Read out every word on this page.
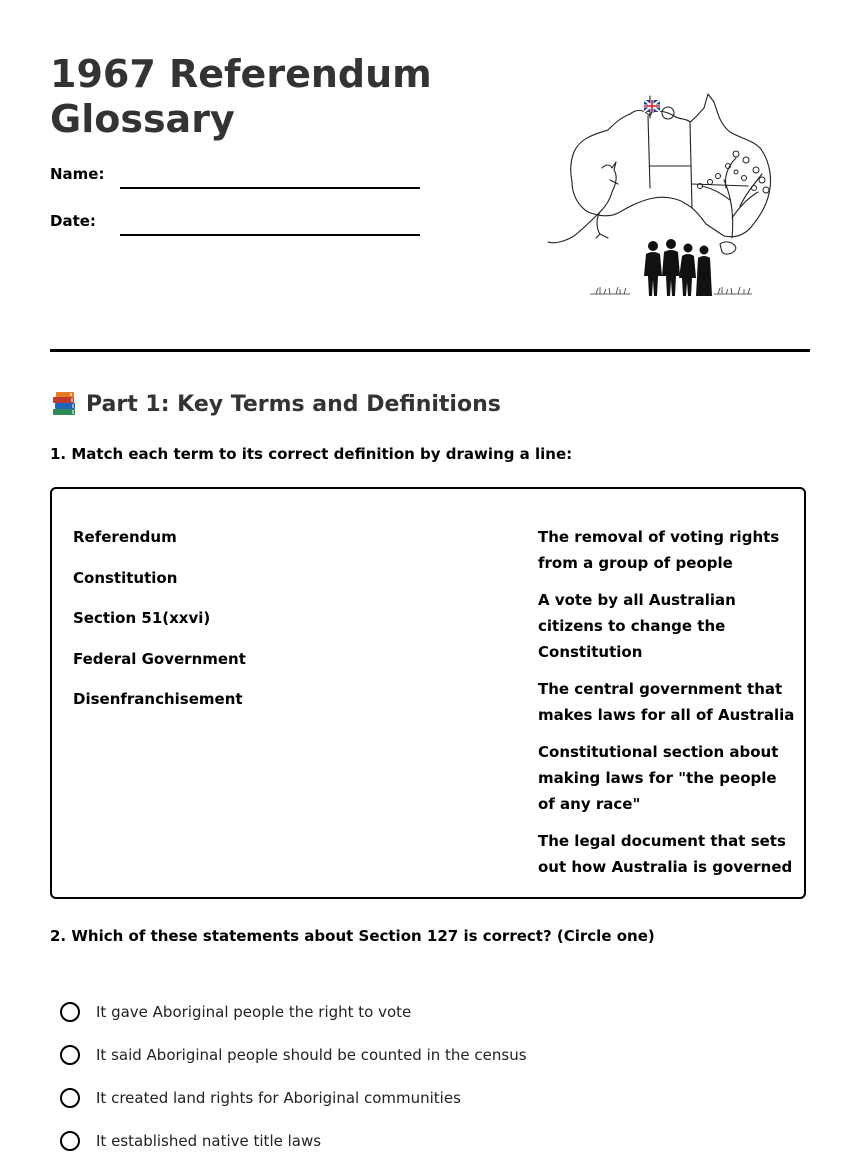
1967 Referendum
Glossary
Name:
Date:
Part 1: Key Terms and Definitions
1. Match each term to its correct definition by drawing a line:
Referendum
Constitution
Section 51(xxvi)
Federal Government
Disenfranchisement
The removal of voting rights from a group of people
A vote by all Australian citizens to change the Constitution
The central government that makes laws for all of Australia
Constitutional section about making laws for "the people of any race"
The legal document that sets out how Australia is governed
2. Which of these statements about Section 127 is correct? (Circle one)
It gave Aboriginal people the right to vote
It said Aboriginal people should be counted in the census
It created land rights for Aboriginal communities
It established native title laws
